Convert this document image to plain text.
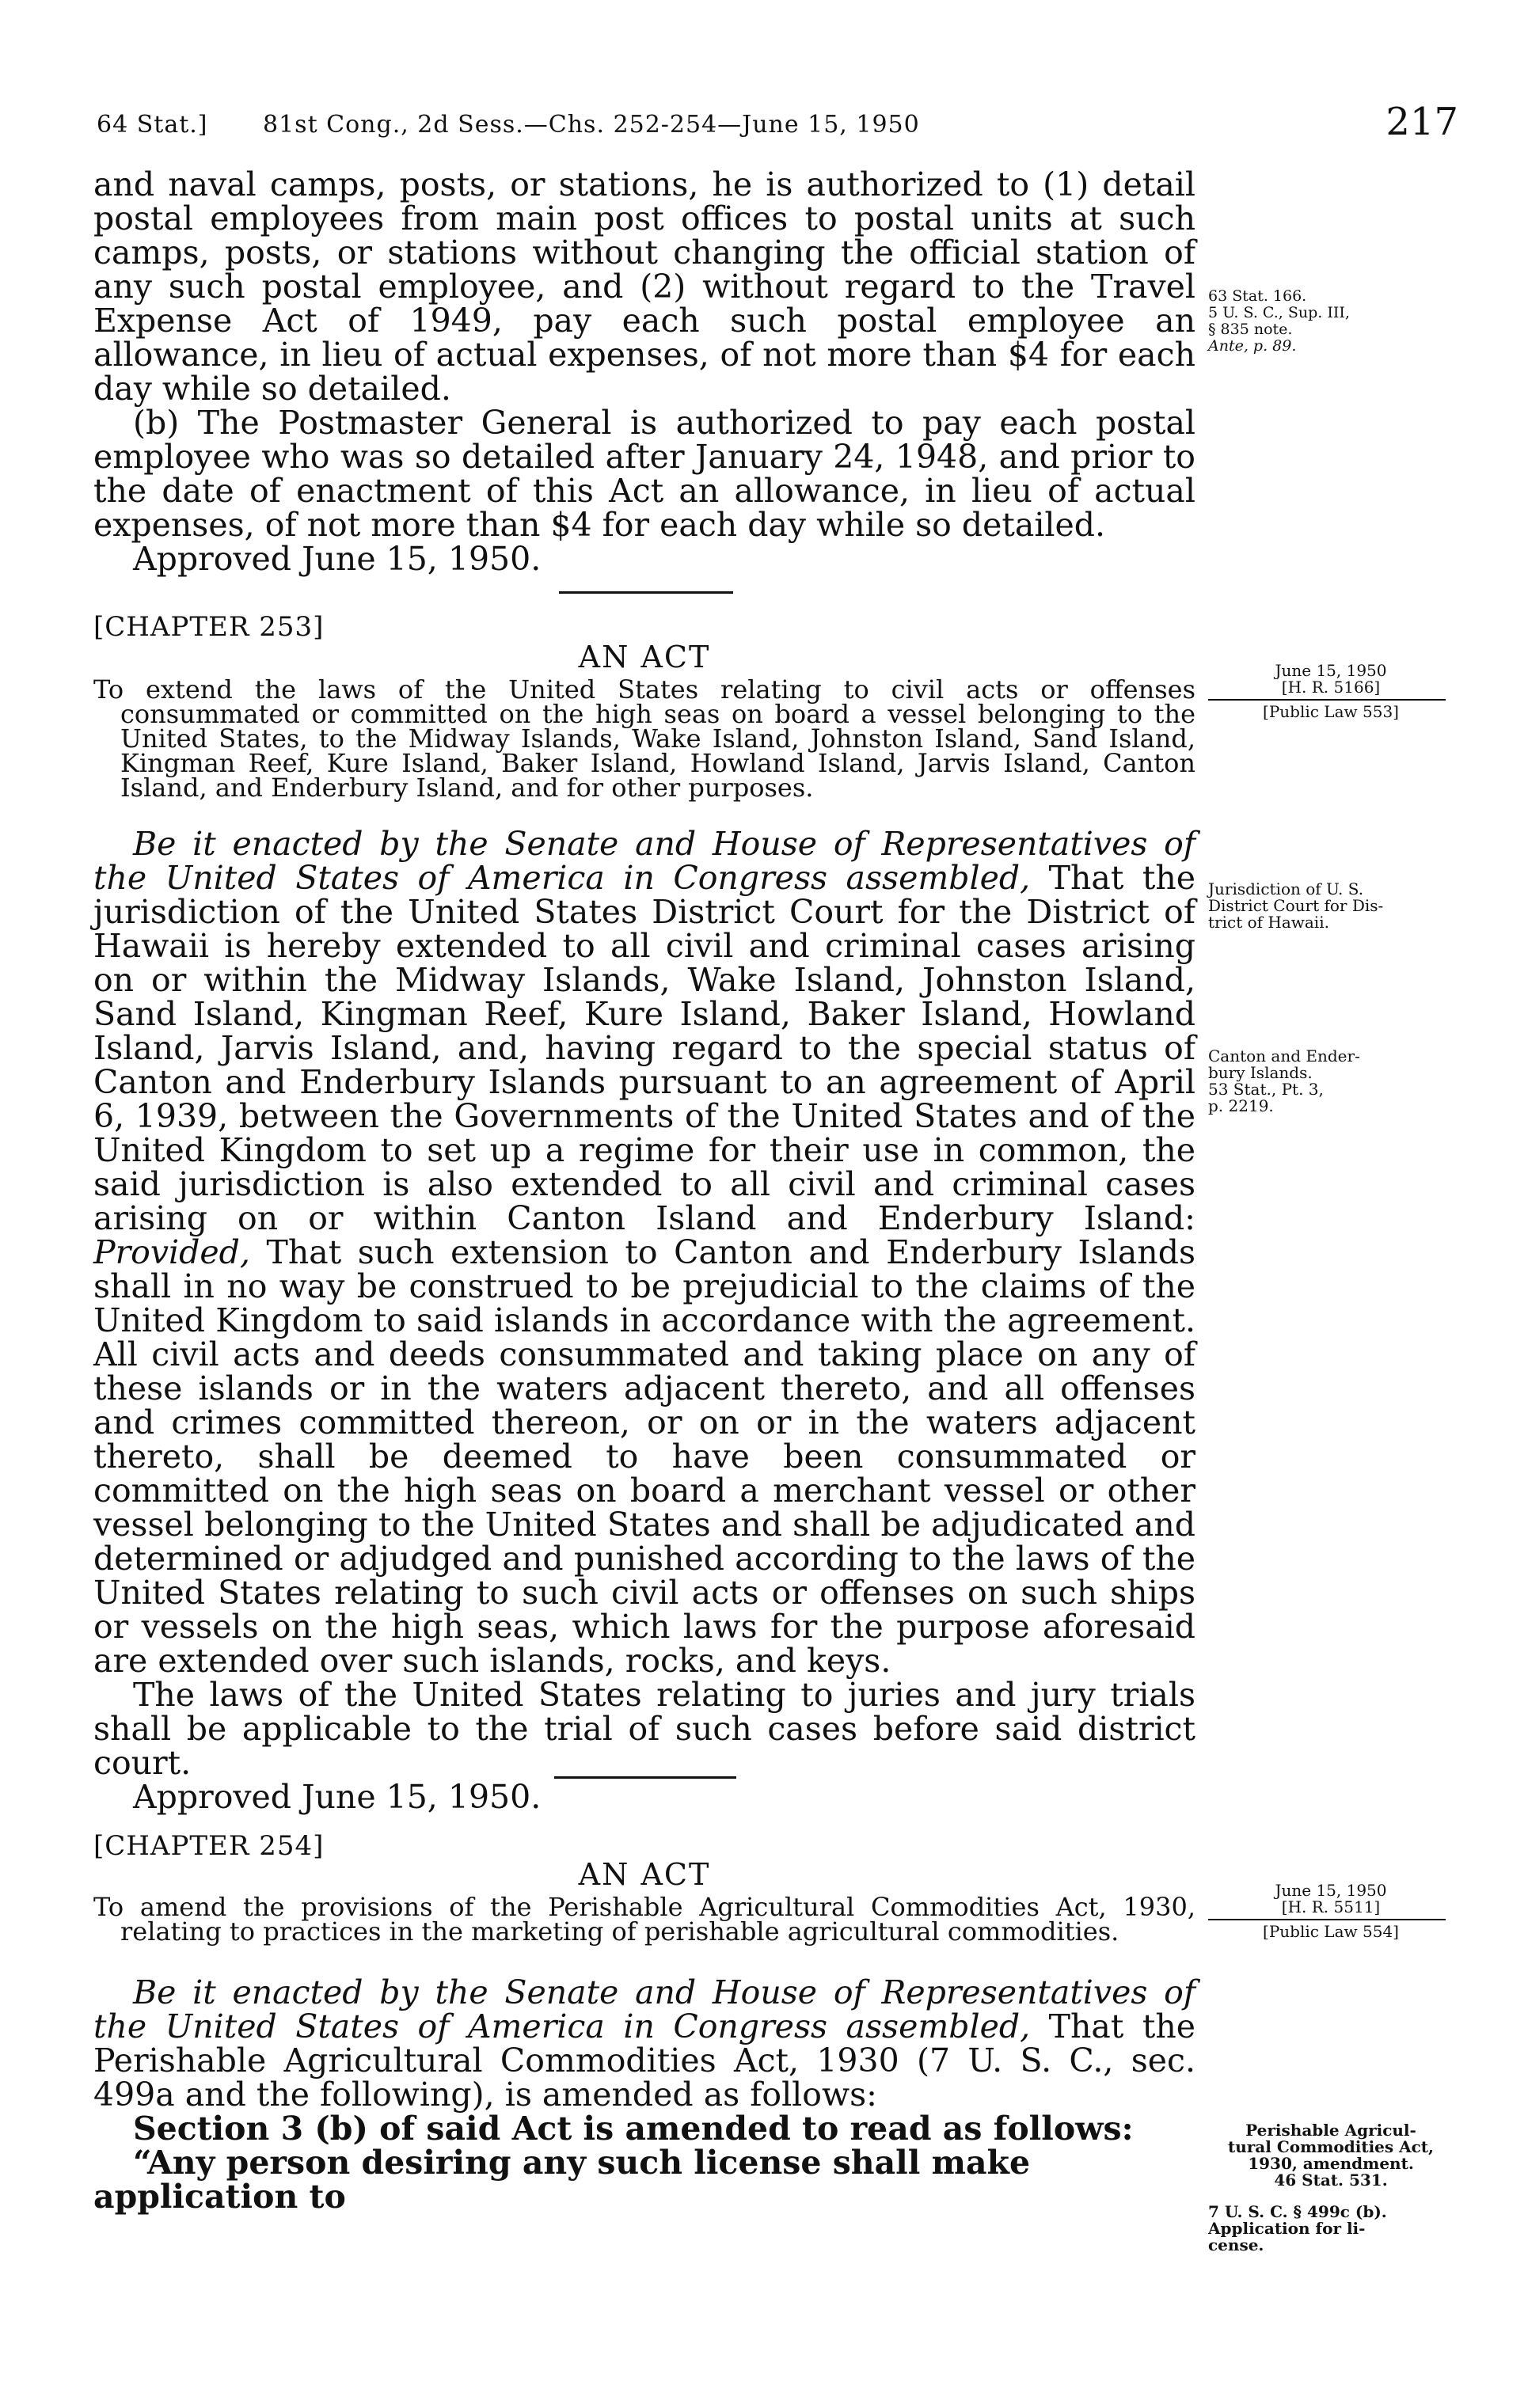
64 Stat.] 81st Cong., 2d Sess.—Chs. 252-254—June 15, 1950	217

and naval camps, posts, or stations, he is authorized to (1) detail postal employees from main post offices to postal units at such camps, posts, or stations without changing the official station of any such postal employee, and (2) without regard to the Travel Expense Act of 1949, pay each such postal employee an allowance, in lieu of actual expenses, of not more than $4 for each day while so detailed.

(b) The Postmaster General is authorized to pay each postal employee who was so detailed after January 24, 1948, and prior to the date of enactment of this Act an allowance, in lieu of actual expenses, of not more than $4 for each day while so detailed.

Approved June 15, 1950.

63 Stat. 166.
5 U. S. C., Sup. III,
§ 835 note.
Ante, p. 89.

[CHAPTER 253]

AN ACT

To extend the laws of the United States relating to civil acts or offenses consummated or committed on the high seas on board a vessel belonging to the United States, to the Midway Islands, Wake Island, Johnston Island, Sand Island, Kingman Reef, Kure Island, Baker Island, Howland Island, Jarvis Island, Canton Island, and Enderbury Island, and for other purposes.

Be it enacted by the Senate and House of Representatives of the United States of America in Congress assembled, That the jurisdiction of the United States District Court for the District of Hawaii is hereby extended to all civil and criminal cases arising on or within the Midway Islands, Wake Island, Johnston Island, Sand Island, Kingman Reef, Kure Island, Baker Island, Howland Island, Jarvis Island, and, having regard to the special status of Canton and Enderbury Islands pursuant to an agreement of April 6, 1939, between the Governments of the United States and of the United Kingdom to set up a regime for their use in common, the said jurisdiction is also extended to all civil and criminal cases arising on or within Canton Island and Enderbury Island: Provided, That such extension to Canton and Enderbury Islands shall in no way be construed to be prejudicial to the claims of the United Kingdom to said islands in accordance with the agreement. All civil acts and deeds consummated and taking place on any of these islands or in the waters adjacent thereto, and all offenses and crimes committed thereon, or on or in the waters adjacent thereto, shall be deemed to have been consummated or committed on the high seas on board a merchant vessel or other vessel belonging to the United States and shall be adjudicated and determined or adjudged and punished according to the laws of the United States relating to such civil acts or offenses on such ships or vessels on the high seas, which laws for the purpose aforesaid are extended over such islands, rocks, and keys.

The laws of the United States relating to juries and jury trials shall be applicable to the trial of such cases before said district court.

Approved June 15, 1950.

June 15, 1950
[H. R. 5166]
[Public Law 553]
Jurisdiction of U. S.
District Court for Dis-
trict of Hawaii.
Canton and Ender-
bury Islands.
53 Stat., Pt. 3,
p. 2219.

[CHAPTER 254]

AN ACT

To amend the provisions of the Perishable Agricultural Commodities Act, 1930, relating to practices in the marketing of perishable agricultural commodities.

Be it enacted by the Senate and House of Representatives of the United States of America in Congress assembled, That the Perishable Agricultural Commodities Act, 1930 (7 U. S. C., sec. 499a and the following), is amended as follows:

Section 3 (b) of said Act is amended to read as follows:

“Any person desiring any such license shall make application to

June 15, 1950
[H. R. 5511]
[Public Law 554]
Perishable Agricul-
tural Commodities Act,
1930, amendment.
46 Stat. 531.
7 U. S. C. § 499c (b).
Application for li-
cense.
